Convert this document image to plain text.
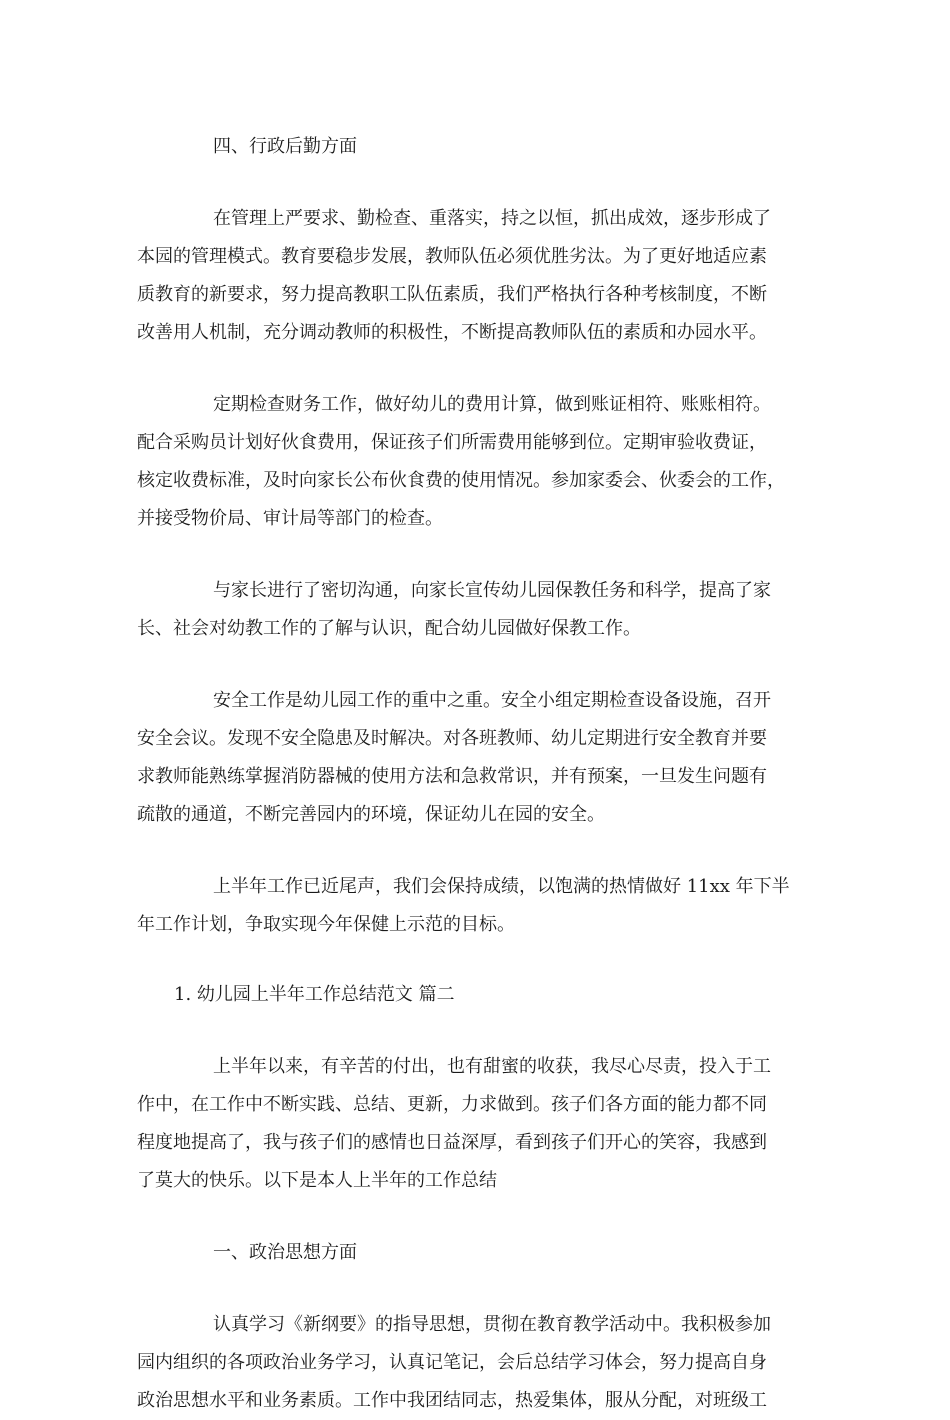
四、行政后勤方面

在管理上严要求、勤检查、重落实，持之以恒，抓出成效，逐步形成了
本园的管理模式。教育要稳步发展，教师队伍必须优胜劣汰。为了更好地适应素
质教育的新要求，努力提高教职工队伍素质，我们严格执行各种考核制度，不断
改善用人机制，充分调动教师的积极性，不断提高教师队伍的素质和办园水平。

定期检查财务工作，做好幼儿的费用计算，做到账证相符、账账相符。
配合采购员计划好伙食费用，保证孩子们所需费用能够到位。定期审验收费证，
核定收费标准，及时向家长公布伙食费的使用情况。参加家委会、伙委会的工作，
并接受物价局、审计局等部门的检查。

与家长进行了密切沟通，向家长宣传幼儿园保教任务和科学，提高了家
长、社会对幼教工作的了解与认识，配合幼儿园做好保教工作。

安全工作是幼儿园工作的重中之重。安全小组定期检查设备设施，召开
安全会议。发现不安全隐患及时解决。对各班教师、幼儿定期进行安全教育并要
求教师能熟练掌握消防器械的使用方法和急救常识，并有预案，一旦发生问题有
疏散的通道，不断完善园内的环境，保证幼儿在园的安全。

上半年工作已近尾声，我们会保持成绩，以饱满的热情做好 11xx 年下半
年工作计划，争取实现今年保健上示范的目标。

1. 幼儿园上半年工作总结范文 篇二

上半年以来，有辛苦的付出，也有甜蜜的收获，我尽心尽责，投入于工
作中，在工作中不断实践、总结、更新，力求做到。孩子们各方面的能力都不同
程度地提高了，我与孩子们的感情也日益深厚，看到孩子们开心的笑容，我感到
了莫大的快乐。以下是本人上半年的工作总结

一、政治思想方面

认真学习《新纲要》的指导思想，贯彻在教育教学活动中。我积极参加
园内组织的各项政治业务学习，认真记笔记，会后总结学习体会，努力提高自身
政治思想水平和业务素质。工作中我团结同志，热爱集体，服从分配，对班级工
